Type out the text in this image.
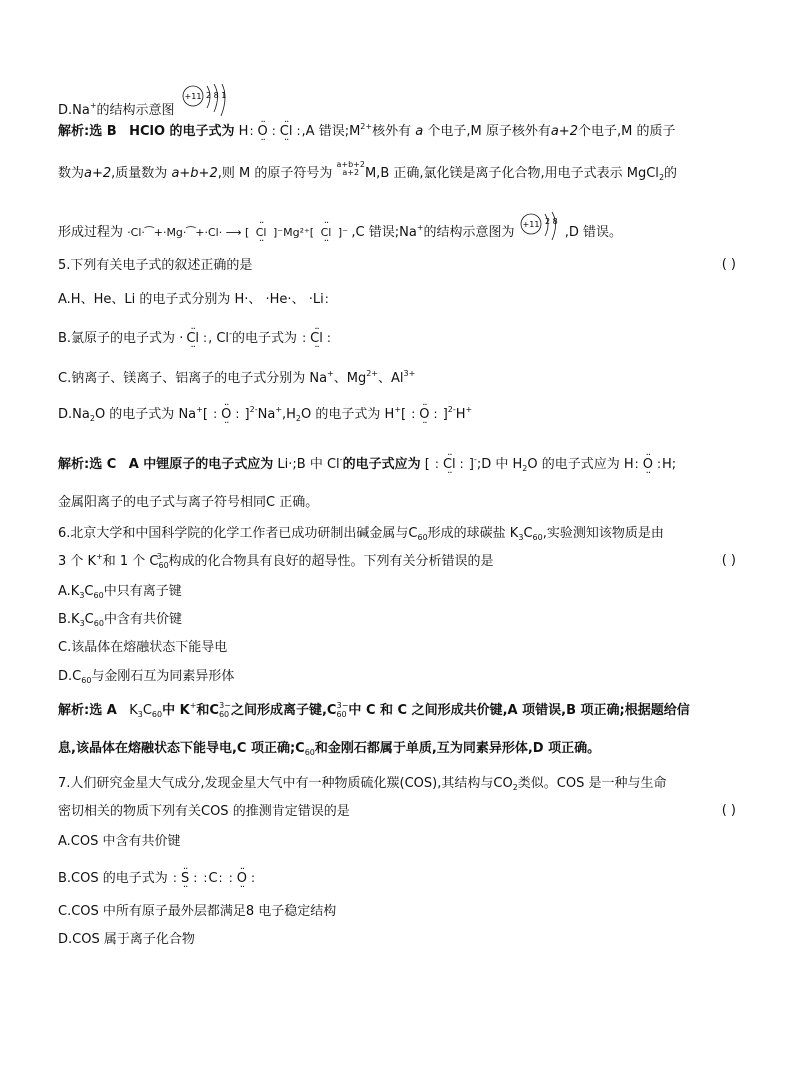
D.Na+的结构示意图
+11 2 8 1
解析:选 B HClO 的电子式为 H: ·· O ·· : ·· Cl ·· :,A 错误$;M^{2+}$核外有 a 个电子,M 原子核外有a+2个电子,M 的质子
数为a+2,质量数为 a+b+2,则 M 的原子符号为 a+b+2
a+2 M,B 正确,氯化镁是离子化合物,用电子式表示 MgCl$_2$的
形成过程为 ·Cl·⁀+·Mg·⁀+·Cl· ⟶ [ ·· Cl ·· ]⁻Mg²⁺[ ·· Cl ·· ]⁻ ,C 错误;Na+的结构示意图为
+11 2 8
,D 错误。
5.下列有关电子式的叙述正确的是	( )
A.H、He、Li 的电子式分别为 H·、 ·He·、 ·Li:
B.氯原子的电子式为 · ·· Cl ·· :, Cl-的电子式为 : ·· Cl ·· :
C.钠离子、镁离子、铝离子的电子式分别为 Na+、$Mg^{2+}$、$Al^{3+}$
$D.Na_2O$ 的电子式为 Na+[ : ·· O ·· : ]$^{2-}Na^+,H_2O$ 的电子式为 H+[ : ·· O ·· : ]$^{2-}$H+
解析:选 C A 中锂原子的电子式应为 Li·;B 中 Cl-的电子式应为 [ : ·· Cl ·· : ]-;D 中 $H_2O$ 的电子式应为 H: ·· O ·· :H;
金属阳离子的电子式与离子符号相同C 正确。
6.北京大学和中国科学院的化学工作者已成功研制出碱金属与$C_{60}$形成的球碳盐 $K_3C_{60}$,实验测知该物质是由
3 个 K+和 1 个 $C_{60}^{3-}$构成的化合物具有良好的超导性。下列有关分析错误的是	( )
$A.K_3C_{60}$中只有离子键
$B.K_3C_{60}$中含有共价键
C.该晶体在熔融状态下能导电
$D.C_{60}$与金刚石互为同素异形体
解析:选 A $K_3C_{60}$中 K+和$C_{60}^{3-}$之间形成离子键$,C_{60}^{3-}$中 C 和 C 之间形成共价键,A 项错误,B 项正确;根据题给信
息,该晶体在熔融状态下能导电,C 项正确$;C_{60}$和金刚石都属于单质,互为同素异形体,D 项正确。
7.人们研究金星大气成分,发现金星大气中有一种物质硫化羰(COS),其结构与$CO_2$类似。COS 是一种与生命
密切相关的物质下列有关COS 的推测肯定错误的是	( )
A.COS 中含有共价键
B.COS 的电子式为 : ·· S ·· : :C: : ·· O ·· :
C.COS 中所有原子最外层都满足8 电子稳定结构
D.COS 属于离子化合物
